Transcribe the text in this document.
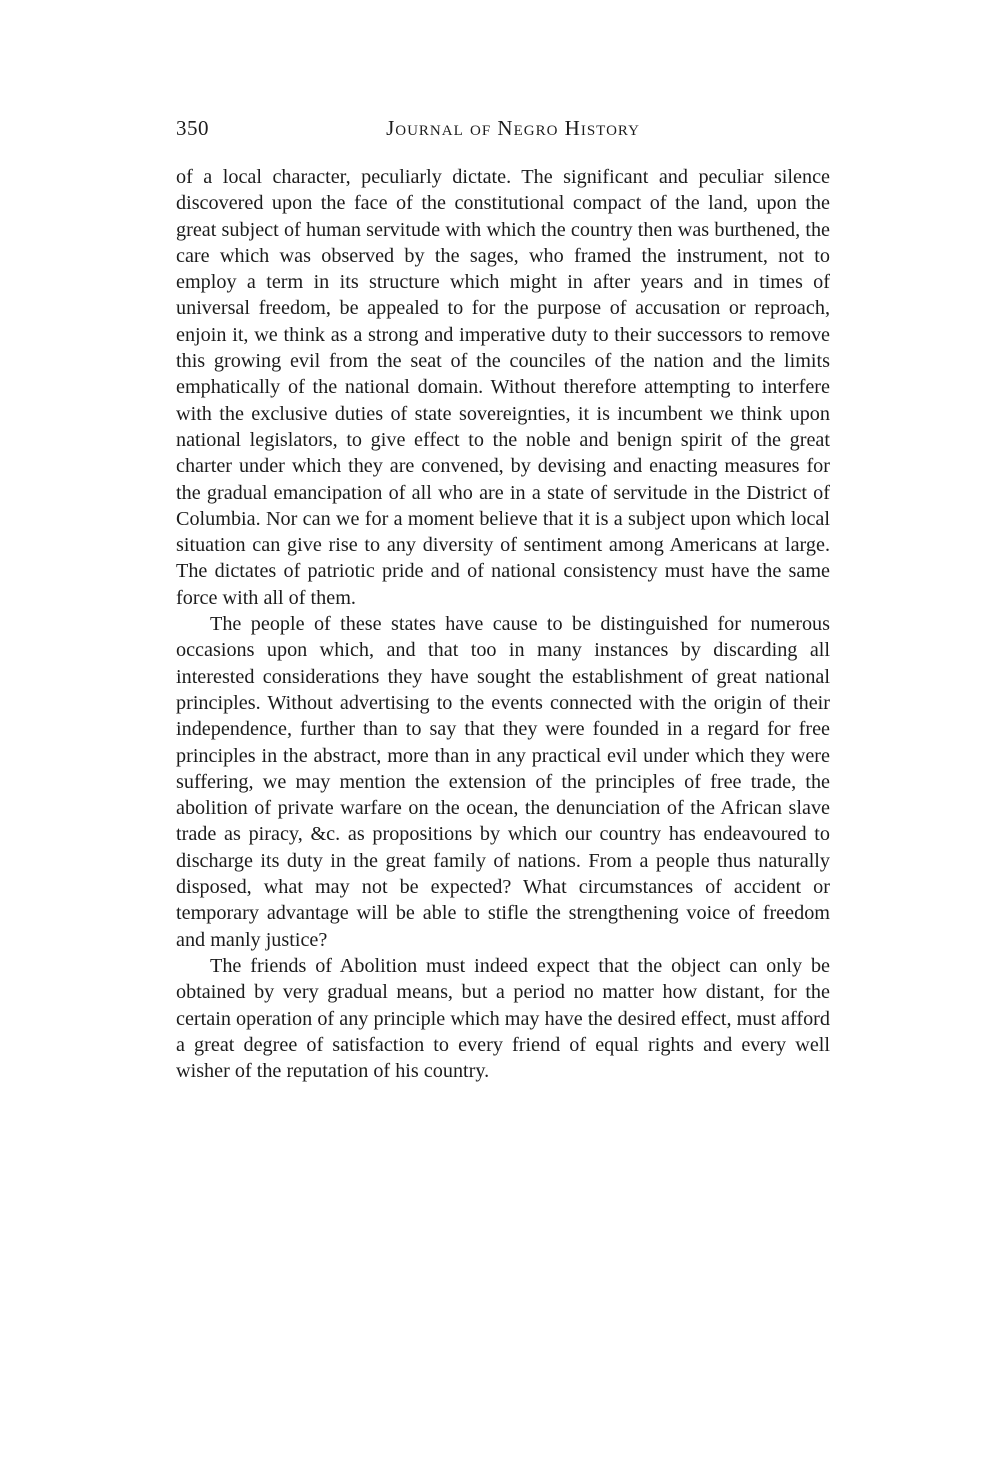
350	Journal of Negro History

of a local character, peculiarly dictate. The significant and peculiar silence discovered upon the face of the constitutional compact of the land, upon the great subject of human servitude with which the country then was burthened, the care which was observed by the sages, who framed the instrument, not to employ a term in its structure which might in after years and in times of universal freedom, be appealed to for the purpose of accusation or reproach, enjoin it, we think as a strong and imperative duty to their successors to remove this growing evil from the seat of the counciles of the nation and the limits emphatically of the national domain. Without therefore attempting to interfere with the exclusive duties of state sovereignties, it is incumbent we think upon national legislators, to give effect to the noble and benign spirit of the great charter under which they are convened, by devising and enacting measures for the gradual emancipation of all who are in a state of servitude in the District of Columbia. Nor can we for a moment believe that it is a subject upon which local situation can give rise to any diversity of sentiment among Americans at large. The dictates of patriotic pride and of national consistency must have the same force with all of them.

The people of these states have cause to be distinguished for numerous occasions upon which, and that too in many instances by discarding all interested considerations they have sought the establishment of great national principles. Without advertising to the events connected with the origin of their independence, further than to say that they were founded in a regard for free principles in the abstract, more than in any practical evil under which they were suffering, we may mention the extension of the principles of free trade, the abolition of private warfare on the ocean, the denunciation of the African slave trade as piracy, &c. as propositions by which our country has endeavoured to discharge its duty in the great family of nations. From a people thus naturally disposed, what may not be expected? What circumstances of accident or temporary advantage will be able to stifle the strengthening voice of freedom and manly justice?

The friends of Abolition must indeed expect that the object can only be obtained by very gradual means, but a period no matter how distant, for the certain operation of any principle which may have the desired effect, must afford a great degree of satisfaction to every friend of equal rights and every well wisher of the reputation of his country.
